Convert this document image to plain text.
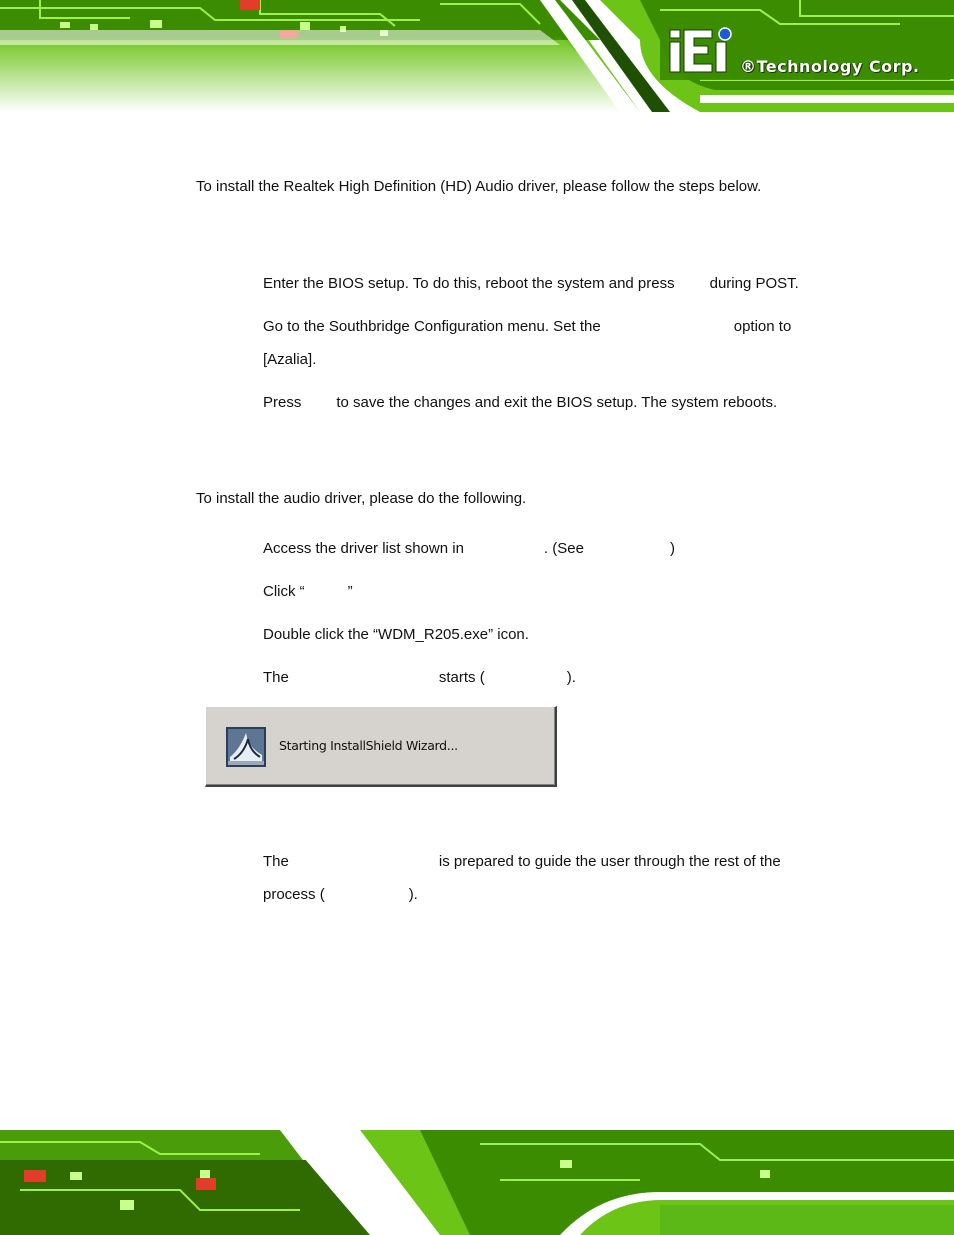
®Technology Corp.
To install the Realtek High Definition (HD) Audio driver, please follow the steps below.
Enter the BIOS setup. To do this, reboot the system and press during POST.
Go to the Southbridge Configuration menu. Set the	option to
[Azalia].
Press to save the changes and exit the BIOS setup. The system reboots.
To install the audio driver, please do the following.
Access the driver list shown in	. (See	)
Click “	”
Double click the “WDM_R205.exe” icon.
The	starts (	).
Starting InstallShield Wizard...
The	is prepared to guide the user through the rest of the
process (	).
